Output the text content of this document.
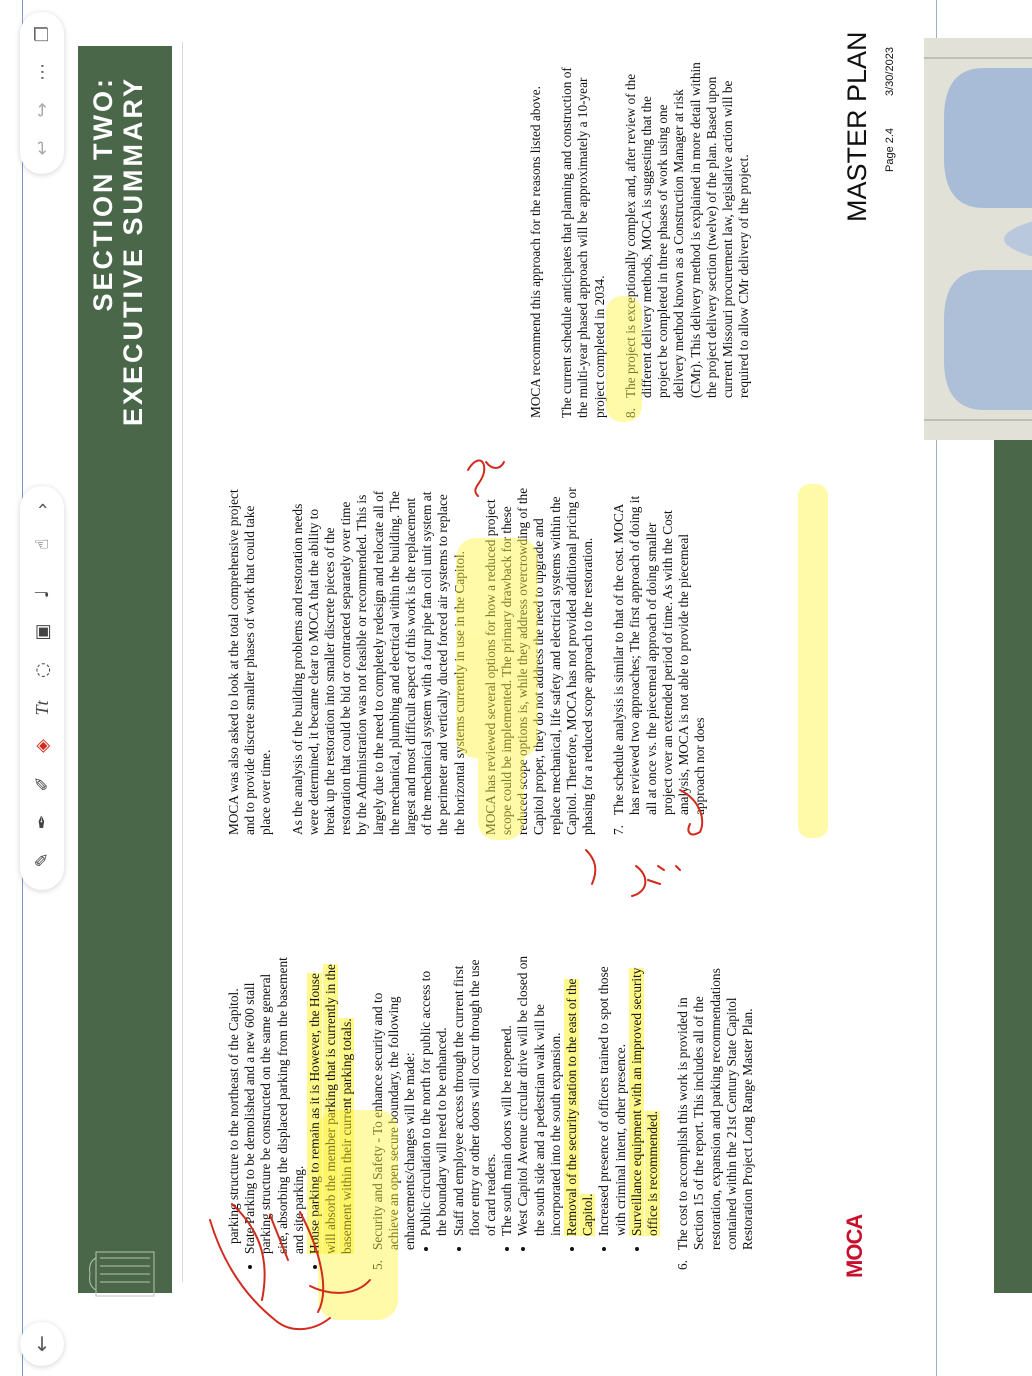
SECTION TWO: EXECUTIVE SUMMARY
parking structure to the northeast of the Capitol. • State Parking to be demolished and a new 600 stall parking structure be constructed on the same general site, absorbing the displaced parking from the basement and site parking. • House parking to remain as it is However, the House will absorb the member parking that is currently in the basement within their current parking totals.
5.
Security and Safety - To enhance security and to achieve an open secure boundary, the following enhancements/changes will be made: • Public circulation to the north for public access to the boundary will need to be enhanced. • Staff and employee access through the current first floor entry or other doors will occur through the use of card readers. • The south main doors will be reopened. • West Capitol Avenue circular drive will be closed on the south side and a pedestrian walk will be incorporated into the south expansion. • Removal of the security station to the east of the Capitol. • Increased presence of officers trained to spot those with criminal intent, other presence. • Surveillance equipment with an improved security office is recommended.
6.
The cost to accomplish this work is provided in Section 15 of the report. This includes all of the restoration, expansion and parking recommendations contained within the 21st Century State Capitol Restoration Project Long Range Master Plan.

MOCA was also asked to look at the total comprehensive project and to provide discrete smaller phases of work that could take place over time. As the analysis of the building problems and restoration needs were determined, it became clear to MOCA that the ability to break up the restoration into smaller discrete pieces of the restoration that could be bid or contracted separately over time by the Administration was not feasible or recommended. This is largely due to the need to completely redesign and relocate all of the mechanical, plumbing and electrical within the building. The largest and most difficult aspect of this work is the replacement of the mechanical system with a four pipe fan coil unit system at the perimeter and vertically ducted forced air systems to replace the horizontal systems currently in use in the Capitol. MOCA has reviewed several options for how a reduced project scope could be implemented. The primary drawback for these reduced scope options is, while they address overcrowding of the Capitol proper, they do not address the need to upgrade and replace mechanical, life safety and electrical systems within the Capitol. Therefore, MOCA has not provided additional pricing or phasing for a reduced scope approach to the restoration. 7.
The schedule analysis is similar to that of the cost. MOCA has reviewed two approaches; The first approach of doing it all at once vs. the piecemeal approach of doing smaller project over an extended period of time. As with the Cost analysis, MOCA is not able to provide the piecemeal approach nor does

MOCA recommend this approach for the reasons listed above. The current schedule anticipates that planning and construction of the multi-year phased approach will be approximately a 10-year project completed in 2034. 8.
The project is exceptionally complex and, after review of the different delivery methods, MOCA is suggesting that the project be completed in three phases of work using one delivery method known as a Construction Manager at risk (CMr). This delivery method is explained in more detail within the project delivery section (twelve) of the plan. Based upon current Missouri procurement law, legislative action will be required to allow CMr delivery of the project.
MOCA
MASTER PLAN Page 2.4
3/30/2023
✎
✒
✐
◈
Tt
◌
▣
♩
☝
›
❐
⋯
↪
↩
↓
